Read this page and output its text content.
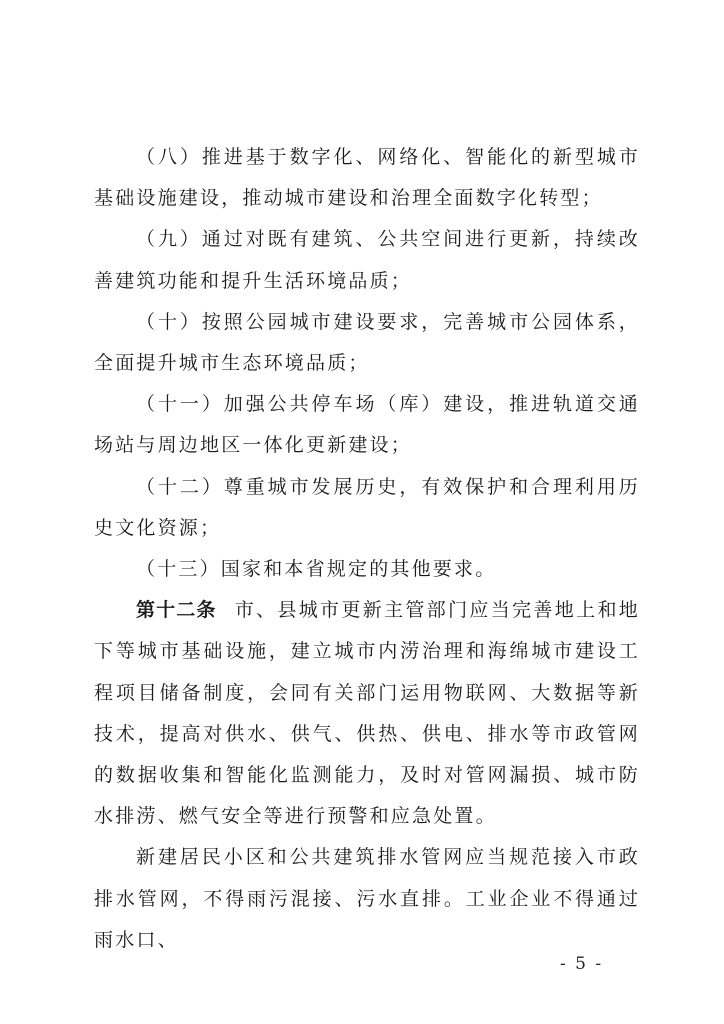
（八）推进基于数字化、网络化、智能化的新型城市基础设施建设，推动城市建设和治理全面数字化转型；

（九）通过对既有建筑、公共空间进行更新，持续改善建筑功能和提升生活环境品质；

（十）按照公园城市建设要求，完善城市公园体系，全面提升城市生态环境品质；

（十一）加强公共停车场（库）建设，推进轨道交通场站与周边地区一体化更新建设；

（十二）尊重城市发展历史，有效保护和合理利用历史文化资源；

（十三）国家和本省规定的其他要求。

第十二条 市、县城市更新主管部门应当完善地上和地下等城市基础设施，建立城市内涝治理和海绵城市建设工程项目储备制度，会同有关部门运用物联网、大数据等新技术，提高对供水、供气、供热、供电、排水等市政管网的数据收集和智能化监测能力，及时对管网漏损、城市防水排涝、燃气安全等进行预警和应急处置。

新建居民小区和公共建筑排水管网应当规范接入市政排水管网，不得雨污混接、污水直排。工业企业不得通过雨水口、

- 5 -
